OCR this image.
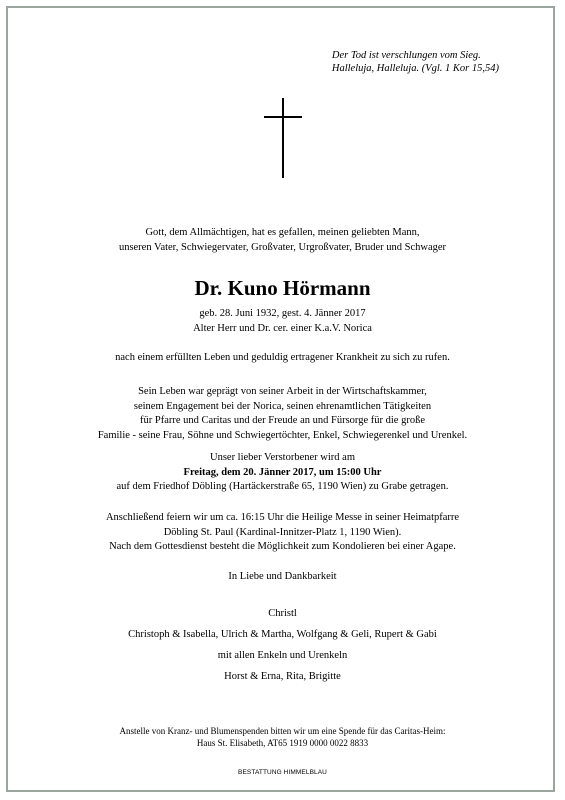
Der Tod ist verschlungen vom Sieg.
Halleluja, Halleluja. (Vgl. 1 Kor 15,54)
Gott, dem Allmächtigen, hat es gefallen, meinen geliebten Mann,
unseren Vater, Schwiegervater, Großvater, Urgroßvater, Bruder und Schwager
Dr. Kuno Hörmann
geb. 28. Juni 1932, gest. 4. Jänner 2017
Alter Herr und Dr. cer. einer K.a.V. Norica
nach einem erfüllten Leben und geduldig ertragener Krankheit zu sich zu rufen.
Sein Leben war geprägt von seiner Arbeit in der Wirtschaftskammer,
seinem Engagement bei der Norica, seinen ehrenamtlichen Tätigkeiten
für Pfarre und Caritas und der Freude an und Fürsorge für die große
Familie - seine Frau, Söhne und Schwiegertöchter, Enkel, Schwiegerenkel und Urenkel.
Unser lieber Verstorbener wird am
Freitag, dem 20. Jänner 2017, um 15:00 Uhr
auf dem Friedhof Döbling (Hartäckerstraße 65, 1190 Wien) zu Grabe getragen.
Anschließend feiern wir um ca. 16:15 Uhr die Heilige Messe in seiner Heimatpfarre
Döbling St. Paul (Kardinal-Innitzer-Platz 1, 1190 Wien).
Nach dem Gottesdienst besteht die Möglichkeit zum Kondolieren bei einer Agape.
In Liebe und Dankbarkeit
Christl
Christoph & Isabella, Ulrich & Martha, Wolfgang & Geli, Rupert & Gabi
mit allen Enkeln und Urenkeln
Horst & Erna, Rita, Brigitte
Anstelle von Kranz- und Blumenspenden bitten wir um eine Spende für das Caritas-Heim:
Haus St. Elisabeth, AT65 1919 0000 0022 8833
BESTATTUNG HIMMELBLAU
